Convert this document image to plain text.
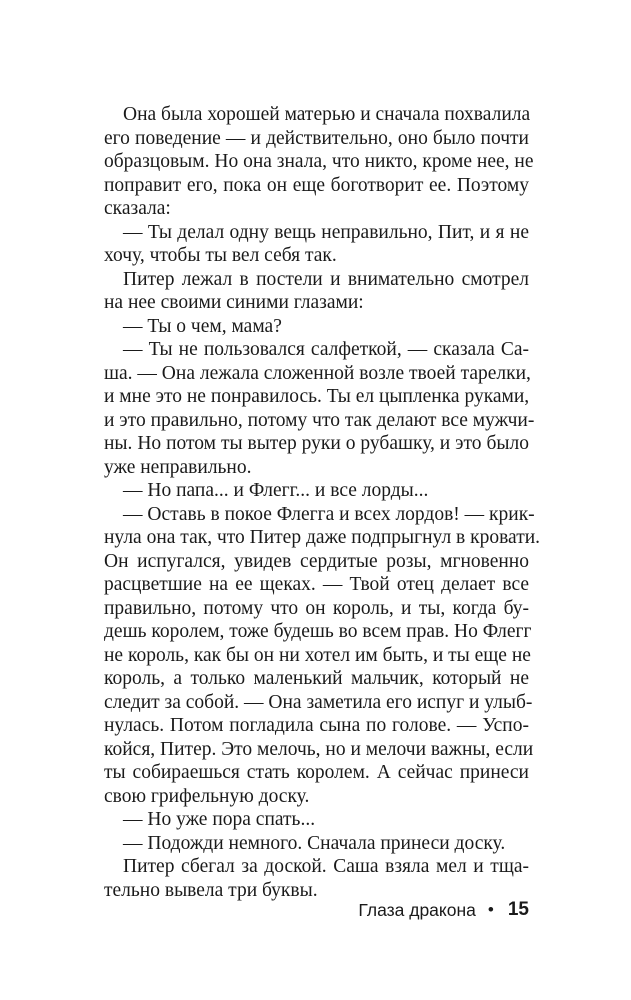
Она была хорошей матерью и сначала похвалила
его поведение — и действительно, оно было почти
образцовым. Но она знала, что никто, кроме нее, не
поправит его, пока он еще боготворит ее. Поэтому
сказала:
— Ты делал одну вещь неправильно, Пит, и я не
хочу, чтобы ты вел себя так.
Питер лежал в постели и внимательно смотрел
на нее своими синими глазами:
— Ты о чем, мама?
— Ты не пользовался салфеткой, — сказала Са-
ша. — Она лежала сложенной возле твоей тарелки,
и мне это не понравилось. Ты ел цыпленка руками,
и это правильно, потому что так делают все мужчи-
ны. Но потом ты вытер руки о рубашку, и это было
уже неправильно.
— Но папа... и Флегг... и все лорды...
— Оставь в покое Флегга и всех лордов! — крик-
нула она так, что Питер даже подпрыгнул в кровати.
Он испугался, увидев сердитые розы, мгновенно
расцветшие на ее щеках. — Твой отец делает все
правильно, потому что он король, и ты, когда бу-
дешь королем, тоже будешь во всем прав. Но Флегг
не король, как бы он ни хотел им быть, и ты еще не
король, а только маленький мальчик, который не
следит за собой. — Она заметила его испуг и улыб-
нулась. Потом погладила сына по голове. — Успо-
койся, Питер. Это мелочь, но и мелочи важны, если
ты собираешься стать королем. А сейчас принеси
свою грифельную доску.
— Но уже пора спать...
— Подожди немного. Сначала принеси доску.
Питер сбегал за доской. Саша взяла мел и тща-
тельно вывела три буквы.
Глаза дракона • 15
